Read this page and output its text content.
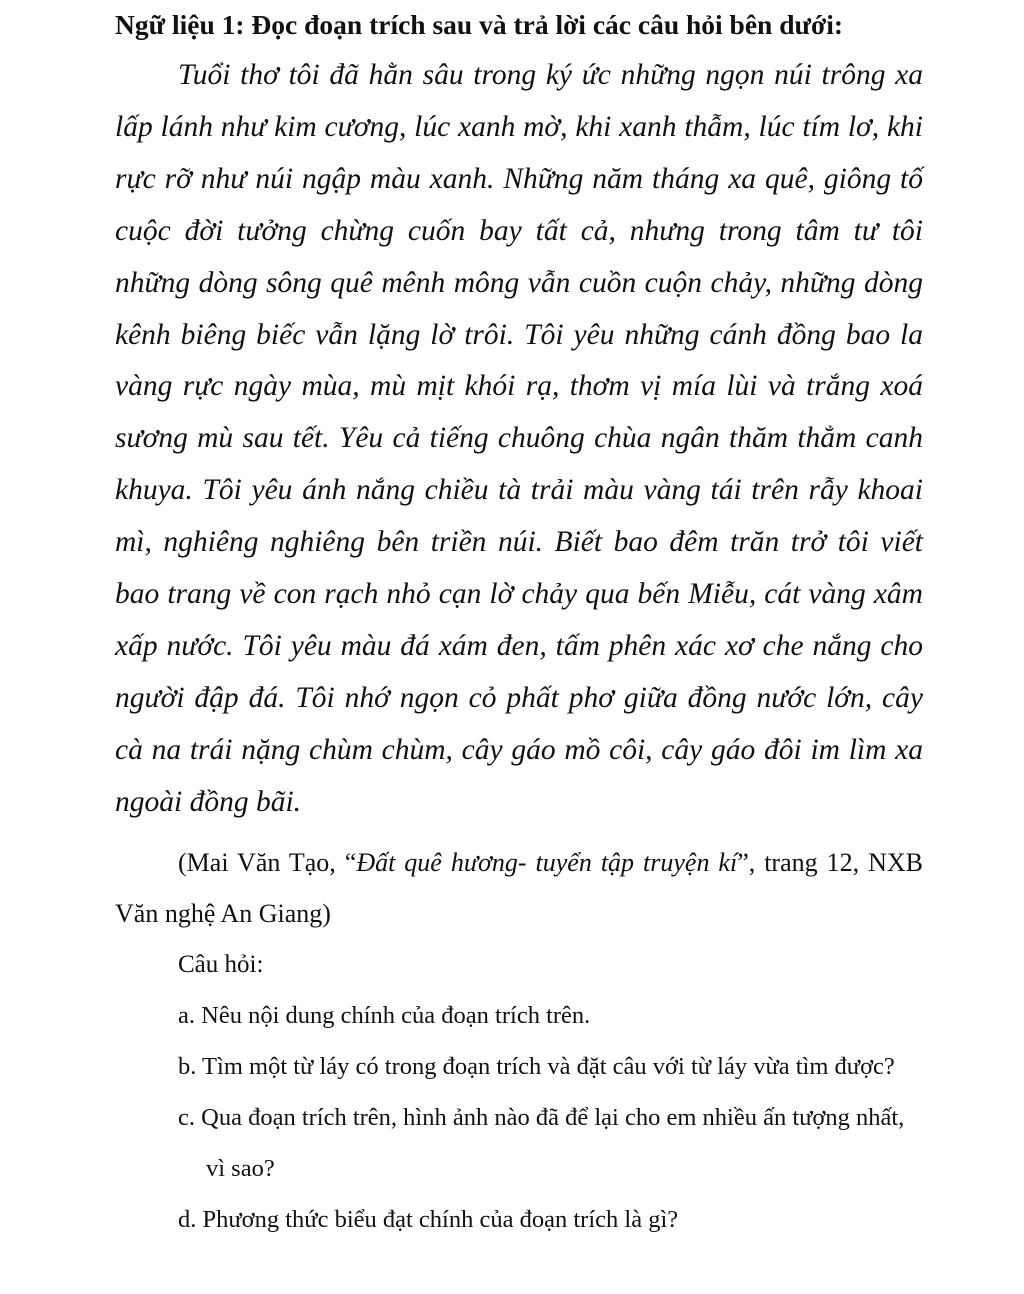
Ngữ liệu 1: Đọc đoạn trích sau và trả lời các câu hỏi bên dưới:

Tuổi thơ tôi đã hằn sâu trong ký ức những ngọn núi trông xa lấp lánh như kim cương, lúc xanh mờ, khi xanh thẫm, lúc tím lơ, khi rực rỡ như núi ngập màu xanh. Những năm tháng xa quê, giông tố cuộc đời tưởng chừng cuốn bay tất cả, nhưng trong tâm tư tôi những dòng sông quê mênh mông vẫn cuồn cuộn chảy, những dòng kênh biêng biếc vẫn lặng lờ trôi. Tôi yêu những cánh đồng bao la vàng rực ngày mùa, mù mịt khói rạ, thơm vị mía lùi và trắng xoá sương mù sau tết. Yêu cả tiếng chuông chùa ngân thăm thẳm canh khuya. Tôi yêu ánh nắng chiều tà trải màu vàng tái trên rẫy khoai mì, nghiêng nghiêng bên triền núi. Biết bao đêm trăn trở tôi viết bao trang về con rạch nhỏ cạn lờ chảy qua bến Miễu, cát vàng xâm xấp nước. Tôi yêu màu đá xám đen, tấm phên xác xơ che nắng cho người đập đá. Tôi nhớ ngọn cỏ phất phơ giữa đồng nước lớn, cây cà na trái nặng chùm chùm, cây gáo mồ côi, cây gáo đôi im lìm xa ngoài đồng bãi.

(Mai Văn Tạo, “Đất quê hương- tuyển tập truyện kí”, trang 12, NXB Văn nghệ An Giang)

Câu hỏi:
a. Nêu nội dung chính của đoạn trích trên.
b. Tìm một từ láy có trong đoạn trích và đặt câu với từ láy vừa tìm được?
c. Qua đoạn trích trên, hình ảnh nào đã để lại cho em nhiều ấn tượng nhất, vì sao?
d. Phương thức biểu đạt chính của đoạn trích là gì?
